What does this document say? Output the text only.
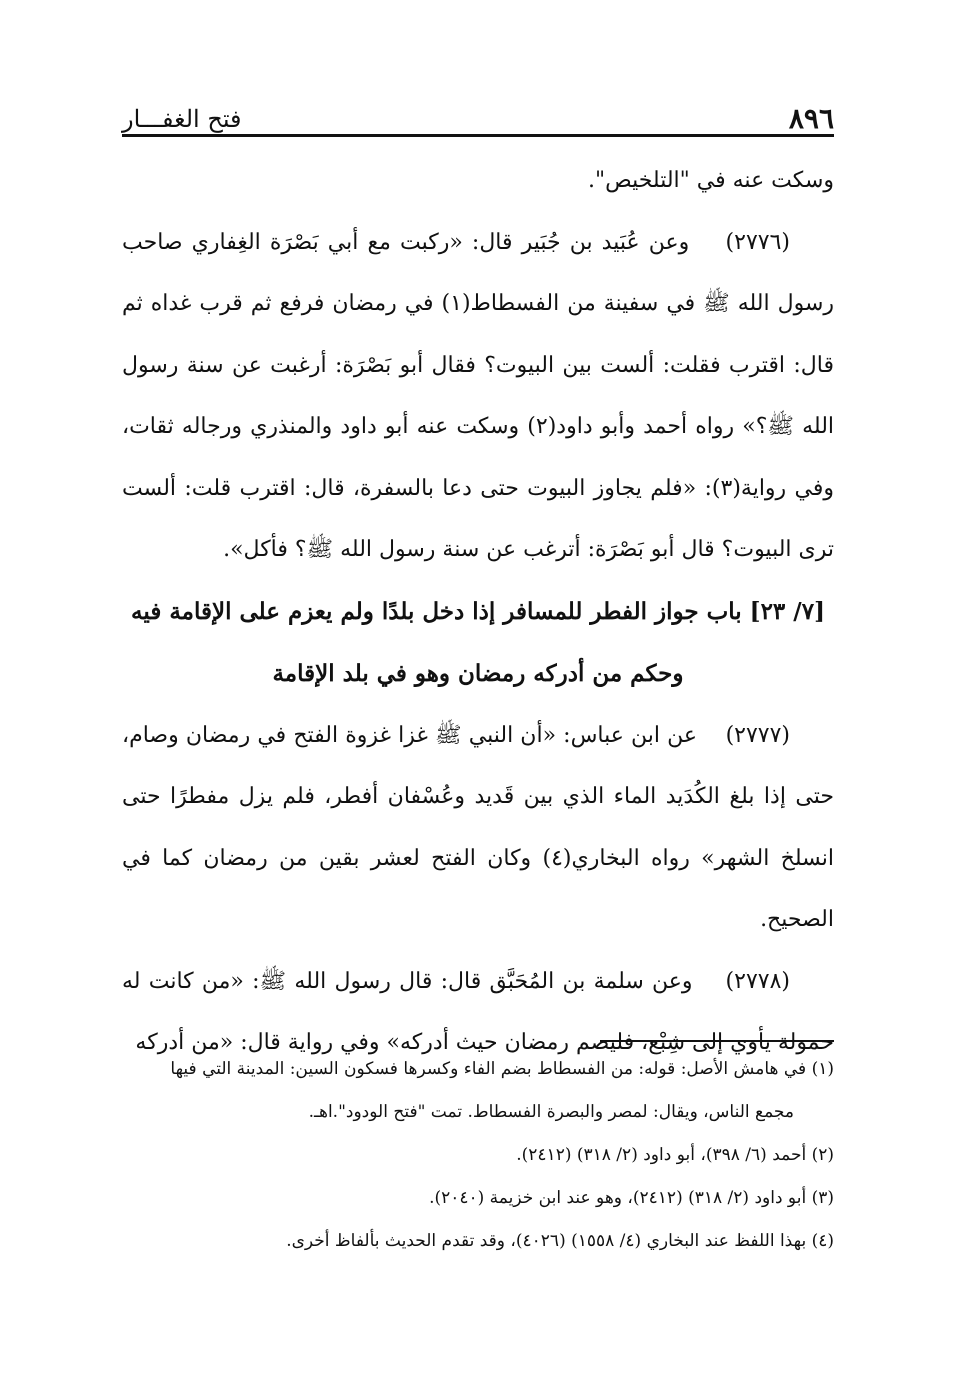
٨٩٦
فتح الغفـــار

وسكت عنه في "التلخيص".

(٢٧٧٦)    وعن عُبَيد بن جُبَير قال: «ركبت مع أبي بَصْرَة الغِفاري صاحب رسول الله ﷺ في سفينة من الفسطاط(١) في رمضان فرفع ثم قرب غداه ثم قال: اقترب فقلت: ألست بين البيوت؟ فقال أبو بَصْرَة: أرغبت عن سنة رسول الله ﷺ؟» رواه أحمد وأبو داود(٢) وسكت عنه أبو داود والمنذري ورجاله ثقات، وفي رواية(٣): «فلم يجاوز البيوت حتى دعا بالسفرة، قال: اقترب قلت: ألست ترى البيوت؟ قال أبو بَصْرَة: أترغب عن سنة رسول الله ﷺ؟ فأكل».

[٧/ ٢٣] باب جواز الفطر للمسافر إذا دخل بلدًا ولم يعزم على الإقامة فيه

وحكم من أدركه رمضان وهو في بلد الإقامة

(٢٧٧٧)    عن ابن عباس: «أن النبي ﷺ غزا غزوة الفتح في رمضان وصام، حتى إذا بلغ الكُدَيد الماء الذي بين قَديد وعُسْفان أفطر، فلم يزل مفطرًا حتى انسلخ الشهر» رواه البخاري(٤) وكان الفتح لعشر بقين من رمضان كما في الصحيح.

(٢٧٧٨)    وعن سلمة بن المُحَبَّق قال: قال رسول الله ﷺ: «من كانت له حمولة يأوي إلى شِبْع، فليصم رمضان حيث أدركه» وفي رواية قال: «من أدركه

(١) في هامش الأصل: قوله: من الفسطاط بضم الفاء وكسرها فسكون السين: المدينة التي فيها

مجمع الناس، ويقال: لمصر والبصرة الفسطاط. تمت "فتح الودود".اهـ.

(٢) أحمد (٦/ ٣٩٨)، أبو داود (٢/ ٣١٨) (٢٤١٢).

(٣) أبو داود (٢/ ٣١٨) (٢٤١٢)، وهو عند ابن خزيمة (٢٠٤٠).

(٤) بهذا اللفظ عند البخاري (٤/ ١٥٥٨) (٤٠٢٦)، وقد تقدم الحديث بألفاظ أخرى.
